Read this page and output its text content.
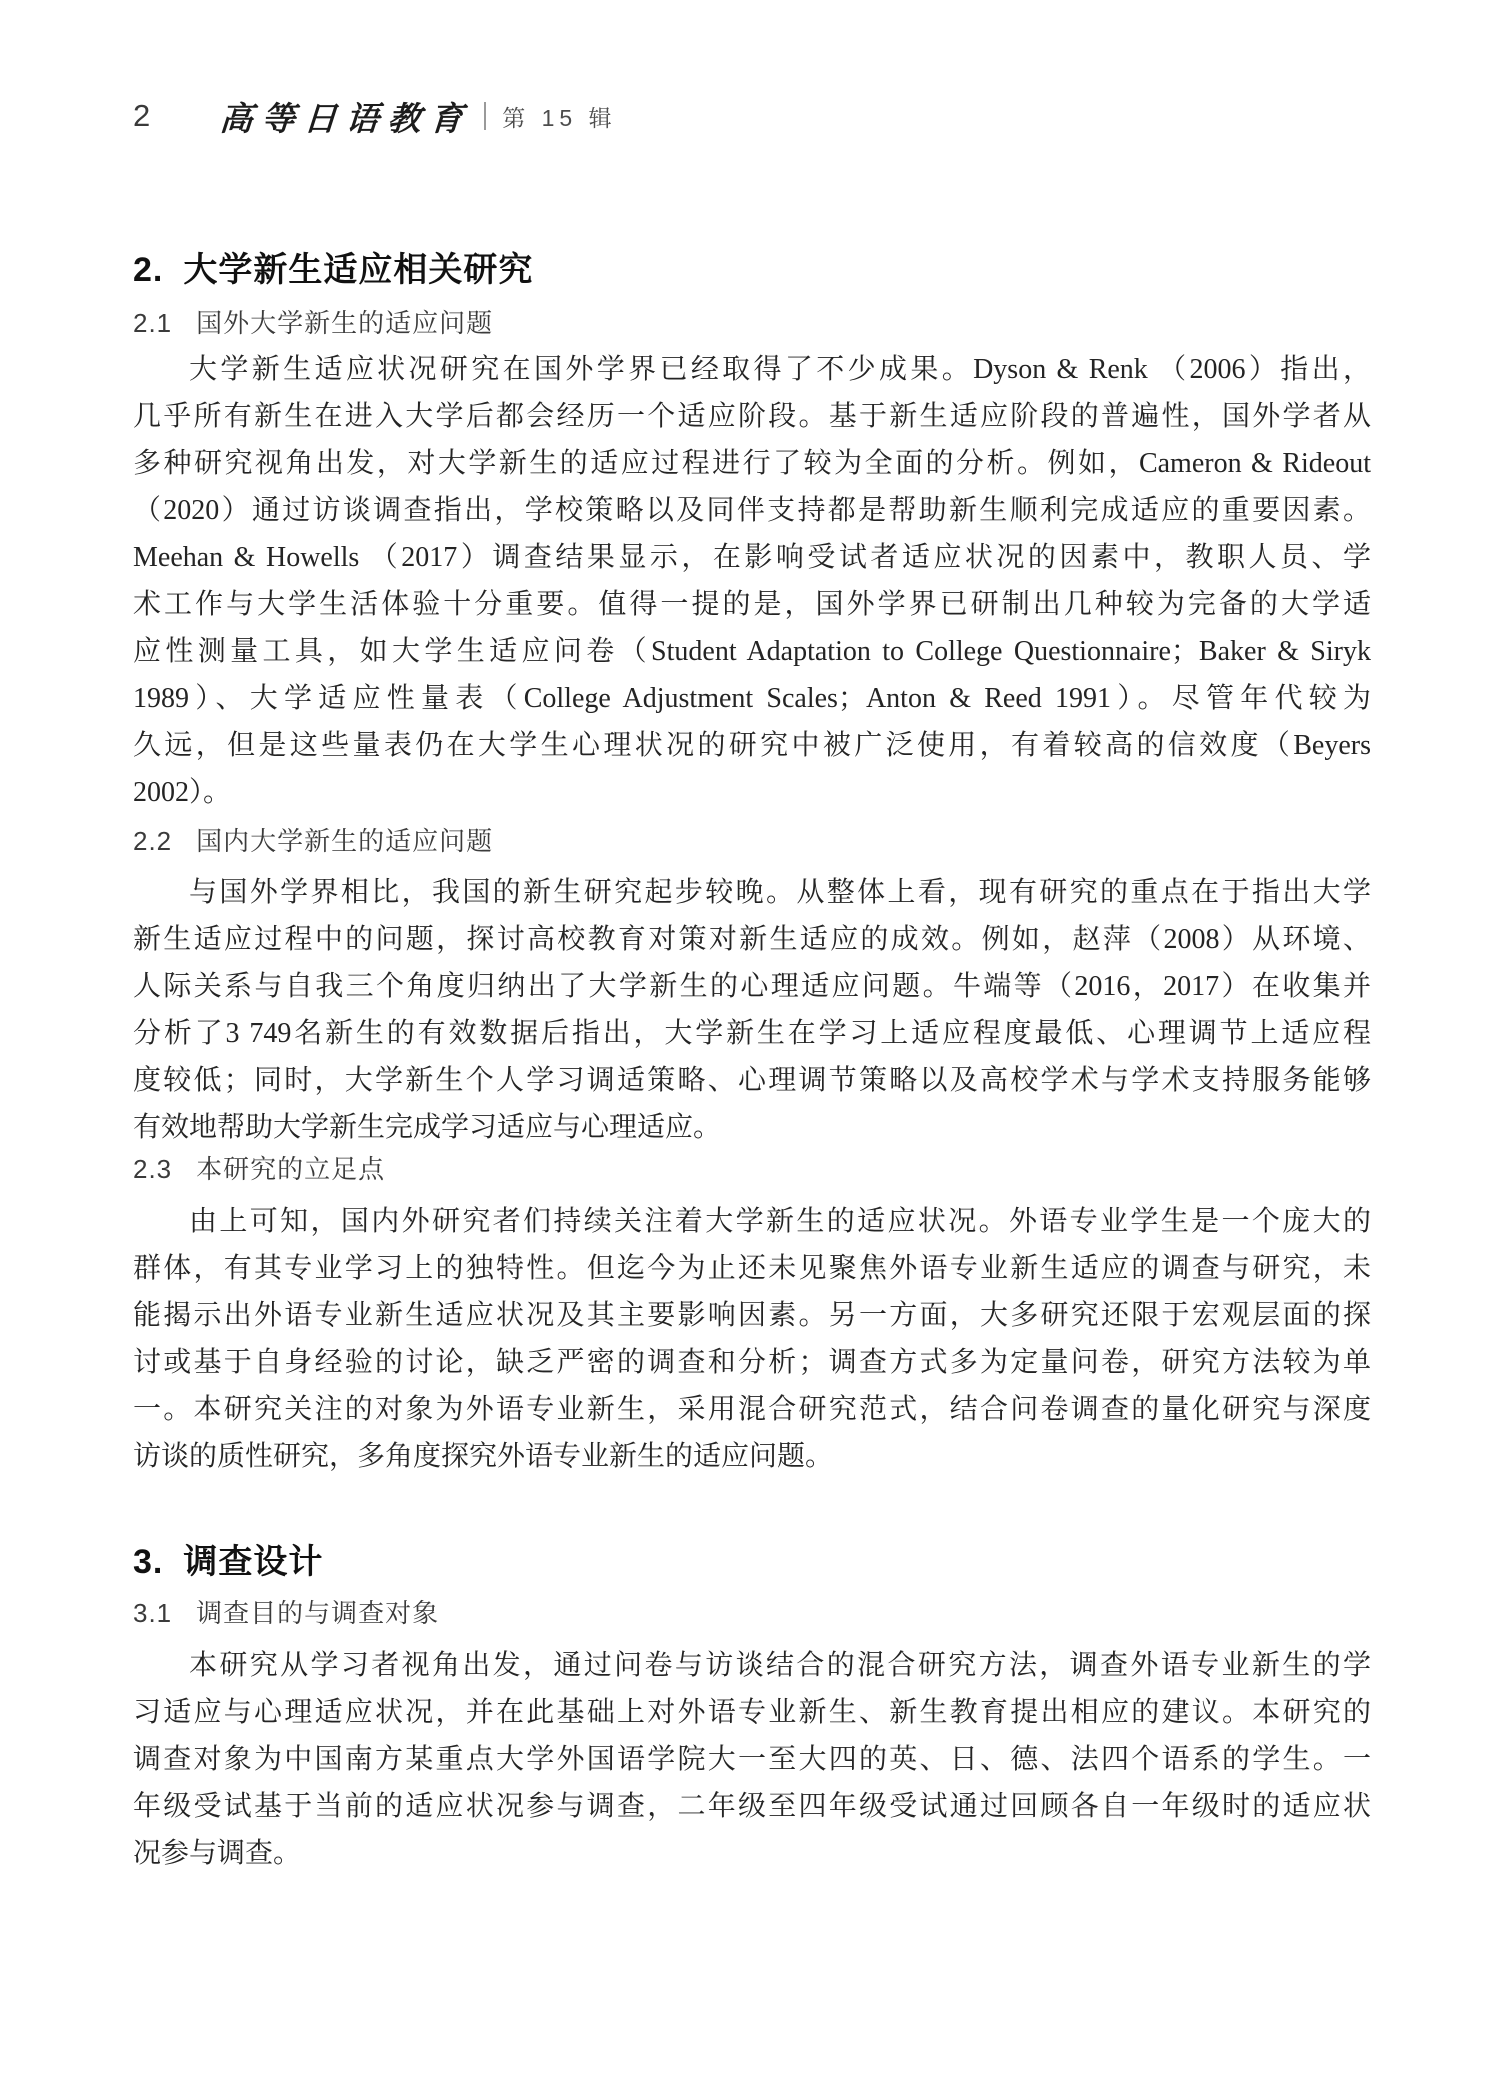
2 高等日语教育 第 15 辑
2. 大学新生适应相关研究
2.1 国外大学新生的适应问题
大学新生适应状况研究在国外学界已经取得了不少成果。Dyson & Renk （2006）指出，
几乎所有新生在进入大学后都会经历一个适应阶段。基于新生适应阶段的普遍性，国外学者从
多种研究视角出发，对大学新生的适应过程进行了较为全面的分析。例如，Cameron & Rideout
（2020）通过访谈调查指出，学校策略以及同伴支持都是帮助新生顺利完成适应的重要因素。
Meehan & Howells （2017）调查结果显示，在影响受试者适应状况的因素中，教职人员、学
术工作与大学生活体验十分重要。值得一提的是，国外学界已研制出几种较为完备的大学适
应性测量工具，如大学生适应问卷（Student Adaptation to College Questionnaire；Baker & Siryk
1989）、大学适应性量表（College Adjustment Scales；Anton & Reed 1991）。尽管年代较为
久远，但是这些量表仍在大学生心理状况的研究中被广泛使用，有着较高的信效度（Beyers
2002）。
2.2 国内大学新生的适应问题
与国外学界相比，我国的新生研究起步较晚。从整体上看，现有研究的重点在于指出大学
新生适应过程中的问题，探讨高校教育对策对新生适应的成效。例如，赵萍（2008）从环境、
人际关系与自我三个角度归纳出了大学新生的心理适应问题。牛端等（2016，2017）在收集并
分析了3 749名新生的有效数据后指出，大学新生在学习上适应程度最低、心理调节上适应程
度较低；同时，大学新生个人学习调适策略、心理调节策略以及高校学术与学术支持服务能够
有效地帮助大学新生完成学习适应与心理适应。
2.3 本研究的立足点
由上可知，国内外研究者们持续关注着大学新生的适应状况。外语专业学生是一个庞大的
群体，有其专业学习上的独特性。但迄今为止还未见聚焦外语专业新生适应的调查与研究，未
能揭示出外语专业新生适应状况及其主要影响因素。另一方面，大多研究还限于宏观层面的探
讨或基于自身经验的讨论，缺乏严密的调查和分析；调查方式多为定量问卷，研究方法较为单
一。本研究关注的对象为外语专业新生，采用混合研究范式，结合问卷调查的量化研究与深度
访谈的质性研究，多角度探究外语专业新生的适应问题。
3. 调查设计
3.1 调查目的与调查对象
本研究从学习者视角出发，通过问卷与访谈结合的混合研究方法，调查外语专业新生的学
习适应与心理适应状况，并在此基础上对外语专业新生、新生教育提出相应的建议。本研究的
调查对象为中国南方某重点大学外国语学院大一至大四的英、日、德、法四个语系的学生。一
年级受试基于当前的适应状况参与调查，二年级至四年级受试通过回顾各自一年级时的适应状
况参与调查。
